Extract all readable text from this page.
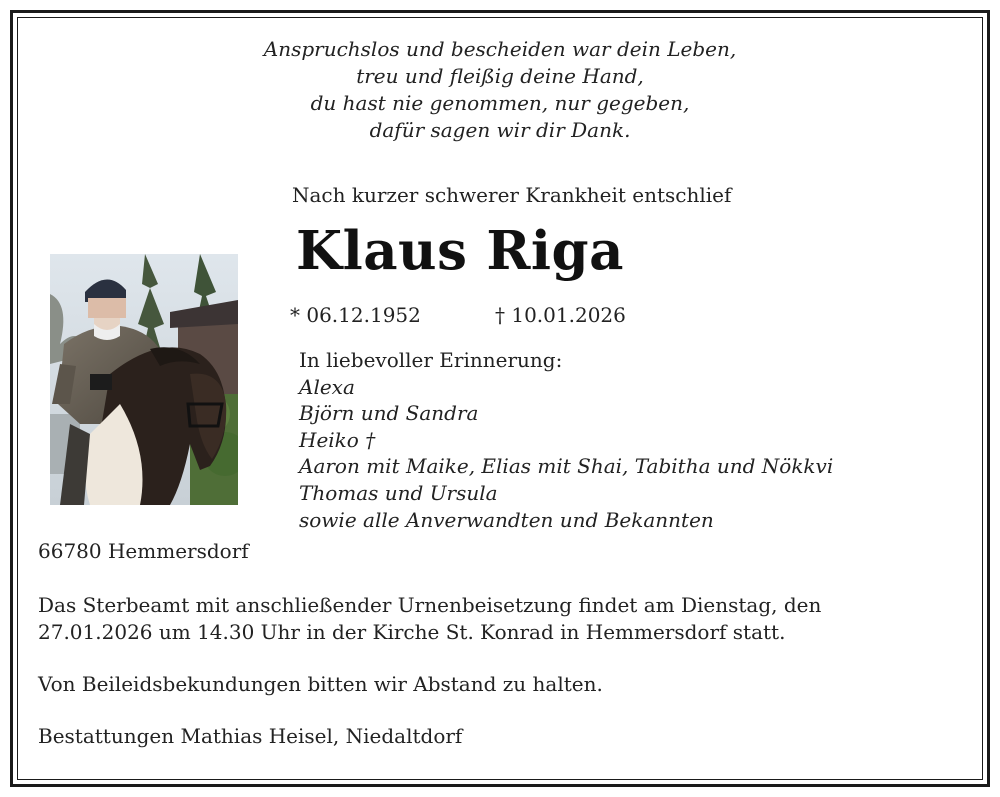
Anspruchslos und bescheiden war dein Leben,
treu und fleißig deine Hand,
du hast nie genommen, nur gegeben,
dafür sagen wir dir Dank.
Nach kurzer schwerer Krankheit entschlief
Klaus Riga
* 06.12.1952	† 10.01.2026
In liebevoller Erinnerung:
Alexa
Björn und Sandra
Heiko †
Aaron mit Maike, Elias mit Shai, Tabitha und Nökkvi
Thomas und Ursula
sowie alle Anverwandten und Bekannten
66780 Hemmersdorf
Das Sterbeamt mit anschließender Urnenbeisetzung findet am Dienstag, den
27.01.2026 um 14.30 Uhr in der Kirche St. Konrad in Hemmersdorf statt.
Von Beileidsbekundungen bitten wir Abstand zu halten.
Bestattungen Mathias Heisel, Niedaltdorf
